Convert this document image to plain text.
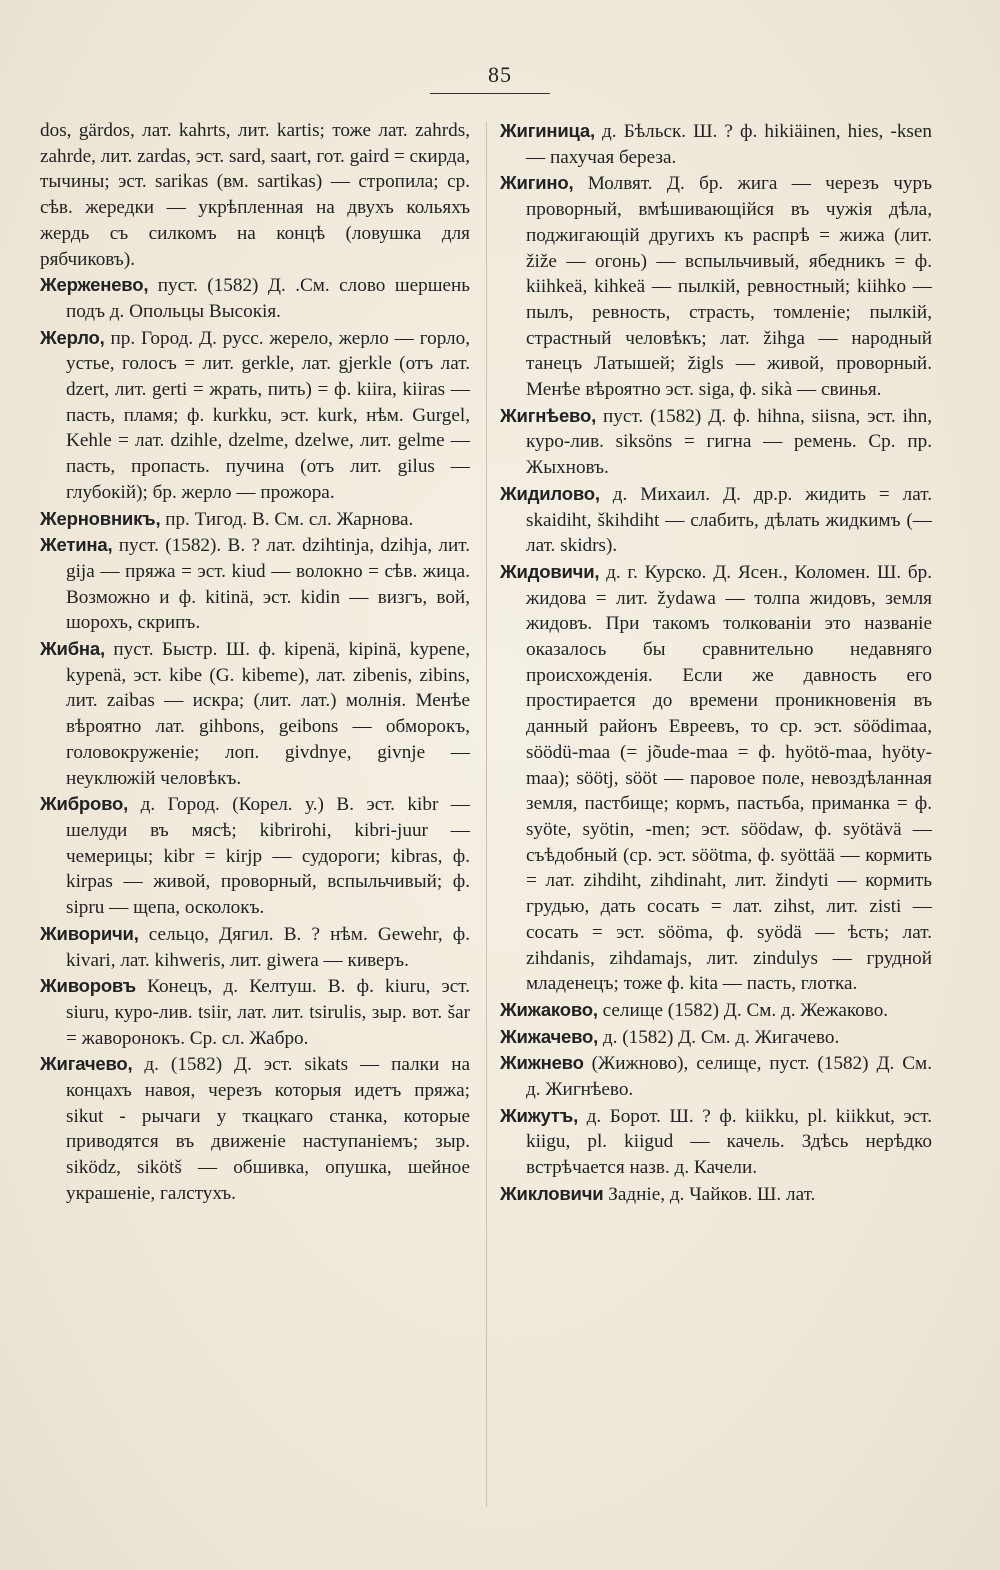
85

dos, gärdos, лат. kahrts, лит. kartis; тоже лат. zahrds, zahrde, лит. zardas, эст. sard, saart, гот. gaird = скирда, тычины; эст. sarikas (вм. sartikas) — стропила; ср. сѣв. жередки — укрѣпленная на двухъ кольяхъ жердь съ силкомъ на концѣ (ловушка для рябчиковъ).

Жерженево, пуст. (1582) Д. .См. слово шершень подъ д. Опольцы Высокія.

Жерло, пр. Город. Д. русс. жерело, жерло — горло, устье, голосъ = лит. gerkle, лат. gjerkle (отъ лат. dzert, лит. gerti = жрать, пить) = ф. kiira, kiiras — пасть, пламя; ф. kurkku, эст. kurk, нѣм. Gurgel, Kehle = лат. dzihle, dzelme, dzelwe, лит. gelme — пасть, пропасть. пучина (отъ лит. gilus — глубокій); бр. жерло — прожора.

Жерновникъ, пр. Тигод. В. См. сл. Жарнова.

Жетина, пуст. (1582). В. ? лат. dzihtinja, dzihja, лит. gija — пряжа = эст. kiud — волокно = сѣв. жица. Возможно и ф. kitinä, эст. kidin — визгъ, вой, шорохъ, скрипъ.

Жибна, пуст. Быстр. Ш. ф. kipenä, kipinä, kypene, kypenä, эст. kibe (G. kibeme), лат. zibenis, zibins, лит. zaibas — искра; (лит. лат.) молнія. Менѣе вѣроятно лат. gihbons, geibons — обморокъ, головокруженіе; лоп. givdnye, givnje — неуклюжій человѣкъ.

Жиброво, д. Город. (Корел. у.) В. эст. kibr — шелуди въ мясѣ; kibrirohi, kibri-juur — чемерицы; kibr = kirjp — судороги; kibras, ф. kirpas — живой, проворный, вспыльчивый; ф. sipru — щепа, осколокъ.

Живоричи, сельцо, Дягил. В. ? нѣм. Gewehr, ф. kivari, лат. kihweris, лит. giwera — киверъ.

Живоровъ Конецъ, д. Келтуш. В. ф. kiuru, эст. siuru, куро-лив. tsiir, лат. лит. tsirulis, зыр. вот. šar = жаворонокъ. Ср. сл. Жабро.

Жигачево, д. (1582) Д. эст. sikats — палки на концахъ навоя, черезъ которыя идетъ пряжа; sikut - рычаги у ткацкаго станка, которые приводятся въ движеніе наступаніемъ; зыр. siködz, sikötš — обшивка, опушка, шейное украшеніе, галстухъ.

Жигиница, д. Бѣльск. Ш. ? ф. hikiäinen, hies, -ksen — пахучая береза.

Жигино, Молвят. Д. бр. жига — черезъ чуръ проворный, вмѣшивающійся въ чужія дѣла, поджигающій другихъ къ распрѣ = жижа (лит. žiže — огонь) — вспыльчивый, ябедникъ = ф. kiihkeä, kihkeä — пылкій, ревностный; kiihko — пылъ, ревность, страсть, томленіе; пылкій, страстный человѣкъ; лат. žihga — народный танецъ Латышей; žigls — живой, проворный. Менѣе вѣроятно эст. siga, ф. sikà — свинья.

Жигнѣево, пуст. (1582) Д. ф. hihna, siisna, эст. ihn, куро-лив. siksöns = гигна — ремень. Ср. пр. Жыхновъ.

Жидилово, д. Михаил. Д. др.р. жидить = лат. skaidiht, škihdiht — слабить, дѣлать жидкимъ (— лат. skidrs).

Жидовичи, д. г. Курско. Д. Ясен., Коломен. Ш. бр. жидова = лит. žydawa — толпа жидовъ, земля жидовъ. При такомъ толкованіи это названіе оказалось бы сравнительно недавняго происхожденія. Если же давность его простирается до времени проникновенія въ данный районъ Евреевъ, то ср. эст. söödimaa, söödü-maa (= jõude-maa = ф. hyötö-maa, hyöty-maa); söötj, sööt — паровое поле, невоздѣланная земля, пастбище; кормъ, пастьба, приманка = ф. syöte, syötin, -men; эст. söödaw, ф. syötävä — съѣдобный (ср. эст. söötma, ф. syöttää — кормить = лат. zihdiht, zihdinaht, лит. žindyti — кормить грудью, дать сосать = лат. zihst, лит. zisti — сосать = эст. sööma, ф. syödä — ѣсть; лат. zihdanis, zihdamajs, лит. zindulys — грудной младенецъ; тоже ф. kita — пасть, глотка.

Жижаково, селище (1582) Д. См. д. Жежаково.

Жижачево, д. (1582) Д. См. д. Жигачево.

Жижнево (Жижново), селище, пуст. (1582) Д. См. д. Жигнѣево.

Жижутъ, д. Борот. Ш. ? ф. kiikku, pl. kiikkut, эст. kiigu, pl. kiigud — качель. Здѣсь нерѣдко встрѣчается назв. д. Качели.

Жикловичи Задніе, д. Чайков. Ш. лат.
